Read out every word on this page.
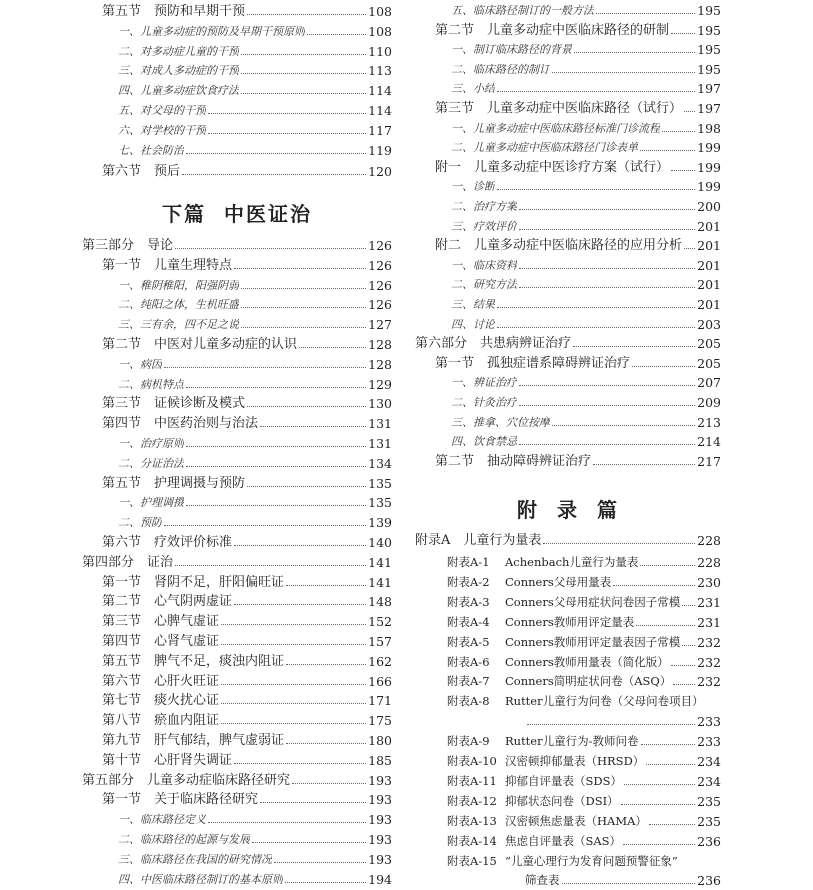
第五节　预防和早期干预	108
一、儿童多动症的预防及早期干预原则	108
二、对多动症儿童的干预	110
三、对成人多动症的干预	113
四、儿童多动症饮食疗法	114
五、对父母的干预	114
六、对学校的干预	117
七、社会防治	119
第六节　预后	120
下篇 中医证治
第三部分　导论	126
第一节　儿童生理特点	126
一、稚阴稚阳，阳强阴弱	126
二、纯阳之体，生机旺盛	126
三、三有余，四不足之说	127
第二节　中医对儿童多动症的认识	128
一、病因	128
二、病机特点	129
第三节　证候诊断及模式	130
第四节　中医药治则与治法	131
一、治疗原则	131
二、分证治法	134
第五节　护理调摄与预防	135
一、护理调摄	135
二、预防	139
第六节　疗效评价标准	140
第四部分　证治	141
第一节　肾阴不足，肝阳偏旺证	141
第二节　心气阴两虚证	148
第三节　心脾气虚证	152
第四节　心肾气虚证	157
第五节　脾气不足，痰浊内阻证	162
第六节　心肝火旺证	166
第七节　痰火扰心证	171
第八节　瘀血内阻证	175
第九节　肝气郁结，脾气虚弱证	180
第十节　心肝肾失调证	185
第五部分　儿童多动症临床路径研究	193
第一节　关于临床路径研究	193
一、临床路径定义	193
二、临床路径的起源与发展	193
三、临床路径在我国的研究情况	193
四、中医临床路径制订的基本原则	194
五、临床路径制订的一般方法	195
第二节　儿童多动症中医临床路径的研制 195
一、制订临床路径的背景	195
二、临床路径的制订	195
三、小结	197
第三节　儿童多动症中医临床路径（试行） 197
一、儿童多动症中医临床路径标准门诊流程	198
二、儿童多动症中医临床路径门诊表单	199
附一　儿童多动症中医诊疗方案（试行） 199
一、诊断	199
二、治疗方案	200
三、疗效评价	201
附二　儿童多动症中医临床路径的应用分析 201
一、临床资料	201
二、研究方法	201
三、结果	201
四、讨论	203
第六部分　共患病辨证治疗	205
第一节　孤独症谱系障碍辨证治疗	205
一、辨证治疗	207
二、针灸治疗	209
三、推拿、穴位按摩	213
四、饮食禁忌	214
第二节　抽动障碍辨证治疗	217
附 录 篇
附录A　儿童行为量表	228
附表A-1 Achenbach儿童行为量表	228
附表A-2 Conners父母用量表	230
附表A-3 Conners父母用症状问卷因子常模 231
附表A-4 Conners教师用评定量表	231
附表A-5 Conners教师用评定量表因子常模 232
附表A-6 Conners教师用量表（简化版） 232
附表A-7 Conners简明症状问卷（ASQ） 232
附表A-8 Rutter儿童行为问卷（父母问卷项目）
233
附表A-9 Rutter儿童行为-教师问卷	233
附表A-10 汉密顿抑郁量表（HRSD）	234
附表A-11 抑郁自评量表（SDS）	234
附表A-12 抑郁状态问卷（DSI）	235
附表A-13 汉密顿焦虑量表（HAMA）	235
附表A-14 焦虑自评量表（SAS）	236
附表A-15 “儿童心理行为发育问题预警征象”
筛查表	236
